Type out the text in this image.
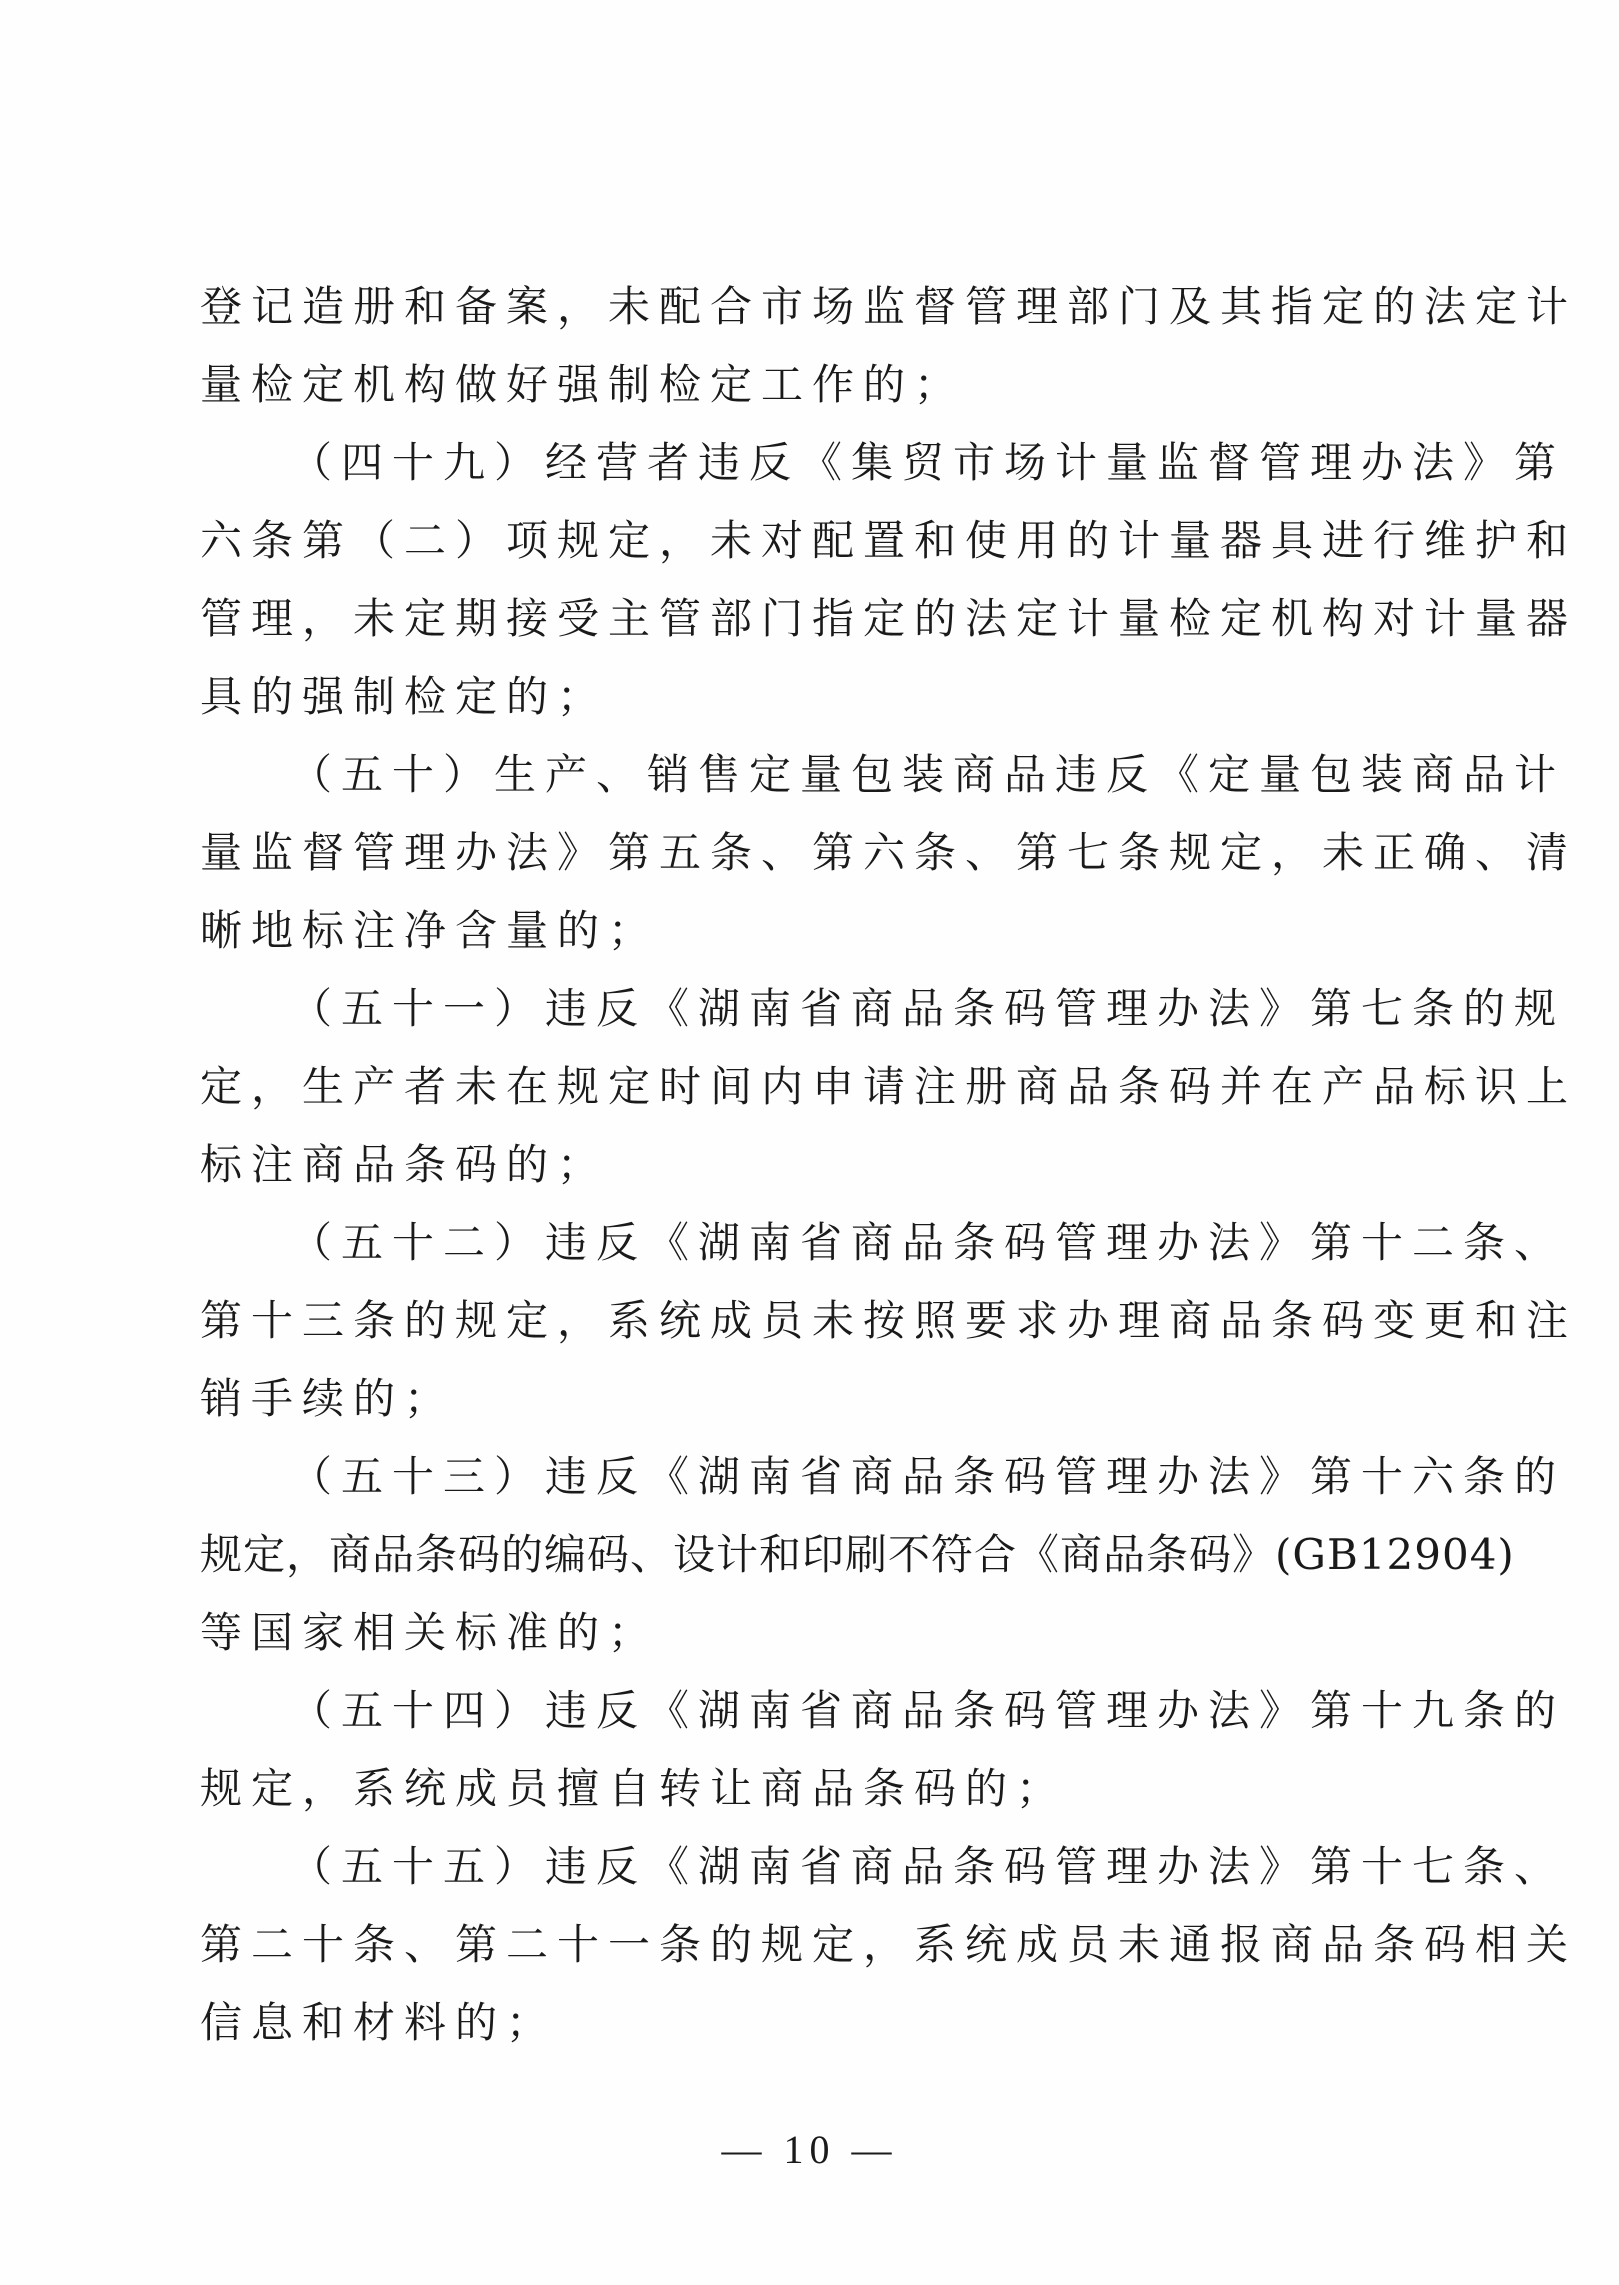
登记造册和备案，未配合市场监督管理部门及其指定的法定计
量检定机构做好强制检定工作的；
（四十九）经营者违反《集贸市场计量监督管理办法》第
六条第（二）项规定，未对配置和使用的计量器具进行维护和
管理，未定期接受主管部门指定的法定计量检定机构对计量器
具的强制检定的；
（五十）生产、销售定量包装商品违反《定量包装商品计
量监督管理办法》第五条、第六条、第七条规定，未正确、清
晰地标注净含量的；
（五十一）违反《湖南省商品条码管理办法》第七条的规
定，生产者未在规定时间内申请注册商品条码并在产品标识上
标注商品条码的；
（五十二）违反《湖南省商品条码管理办法》第十二条、
第十三条的规定，系统成员未按照要求办理商品条码变更和注
销手续的；
（五十三）违反《湖南省商品条码管理办法》第十六条的
规定，商品条码的编码、设计和印刷不符合《商品条码》(GB12904)
等国家相关标准的；
（五十四）违反《湖南省商品条码管理办法》第十九条的
规定，系统成员擅自转让商品条码的；
（五十五）违反《湖南省商品条码管理办法》第十七条、
第二十条、第二十一条的规定，系统成员未通报商品条码相关
信息和材料的；
— 10 —
